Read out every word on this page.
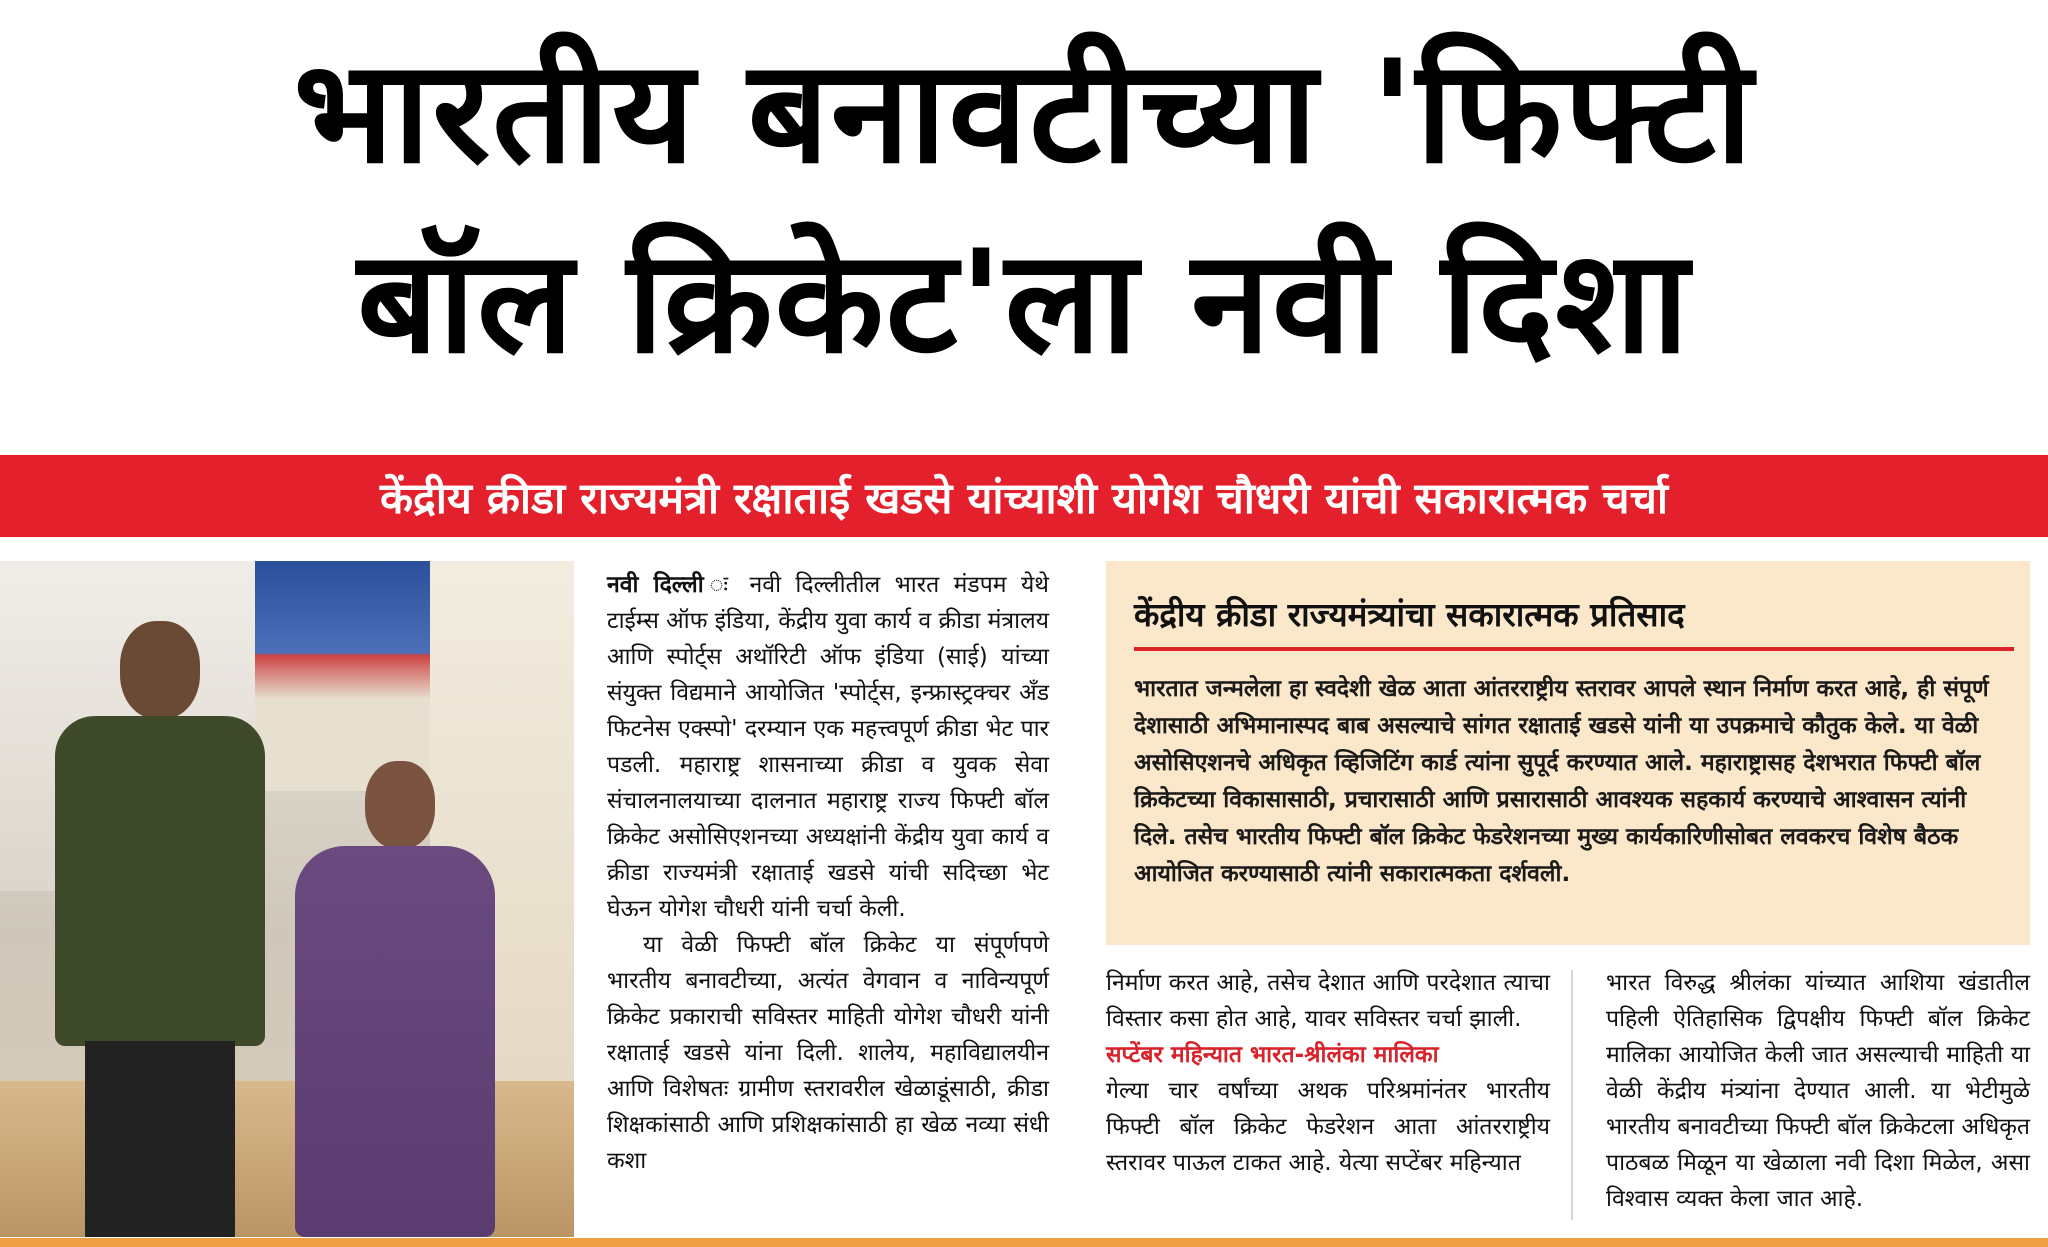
भारतीय बनावटीच्या 'फिफ्टी
बॉल क्रिकेट'ला नवी दिशा
केंद्रीय क्रीडा राज्यमंत्री रक्षाताई खडसे यांच्याशी योगेश चौधरी यांची सकारात्मक चर्चा

नवी दिल्ली ः नवी दिल्लीतील भारत मंडपम येथे टाईम्स ऑफ इंडिया, केंद्रीय युवा कार्य व क्रीडा मंत्रालय आणि स्पोर्ट्स अथॉरिटी ऑफ इंडिया (साई) यांच्या संयुक्त विद्यमाने आयोजित 'स्पोर्ट्स, इन्फ्रास्ट्रक्चर अँड फिटनेस एक्स्पो' दरम्यान एक महत्त्वपूर्ण क्रीडा भेट पार पडली. महाराष्ट्र शासनाच्या क्रीडा व युवक सेवा संचालनालयाच्या दालनात महाराष्ट्र राज्य फिफ्टी बॉल क्रिकेट असोसिएशनच्या अध्यक्षांनी केंद्रीय युवा कार्य व क्रीडा राज्यमंत्री रक्षाताई खडसे यांची सदिच्छा भेट घेऊन योगेश चौधरी यांनी चर्चा केली.

या वेळी फिफ्टी बॉल क्रिकेट या संपूर्णपणे भारतीय बनावटीच्या, अत्यंत वेगवान व नाविन्यपूर्ण क्रिकेट प्रकाराची सविस्तर माहिती योगेश चौधरी यांनी रक्षाताई खडसे यांना दिली. शालेय, महाविद्यालयीन आणि विशेषतः ग्रामीण स्तरावरील खेळाडूंसाठी, क्रीडा शिक्षकांसाठी आणि प्रशिक्षकांसाठी हा खेळ नव्या संधी कशा

केंद्रीय क्रीडा राज्यमंत्र्यांचा सकारात्मक प्रतिसाद
भारतात जन्मलेला हा स्वदेशी खेळ आता आंतरराष्ट्रीय स्तरावर आपले स्थान निर्माण करत आहे, ही संपूर्ण देशासाठी अभिमानास्पद बाब असल्याचे सांगत रक्षाताई खडसे यांनी या उपक्रमाचे कौतुक केले. या वेळी असोसिएशनचे अधिकृत व्हिजिटिंग कार्ड त्यांना सुपूर्द करण्यात आले. महाराष्ट्रासह देशभरात फिफ्टी बॉल क्रिकेटच्या विकासासाठी, प्रचारासाठी आणि प्रसारासाठी आवश्यक सहकार्य करण्याचे आश्वासन त्यांनी दिले. तसेच भारतीय फिफ्टी बॉल क्रिकेट फेडरेशनच्या मुख्य कार्यकारिणीसोबत लवकरच विशेष बैठक आयोजित करण्यासाठी त्यांनी सकारात्मकता दर्शवली.

निर्माण करत आहे, तसेच देशात आणि परदेशात त्याचा विस्तार कसा होत आहे, यावर सविस्तर चर्चा झाली.

सप्टेंबर महिन्यात भारत-श्रीलंका मालिका

गेल्या चार वर्षांच्या अथक परिश्रमांनंतर भारतीय फिफ्टी बॉल क्रिकेट फेडरेशन आता आंतरराष्ट्रीय स्तरावर पाऊल टाकत आहे. येत्या सप्टेंबर महिन्यात

भारत विरुद्ध श्रीलंका यांच्यात आशिया खंडातील पहिली ऐतिहासिक द्विपक्षीय फिफ्टी बॉल क्रिकेट मालिका आयोजित केली जात असल्याची माहिती या वेळी केंद्रीय मंत्र्यांना देण्यात आली. या भेटीमुळे भारतीय बनावटीच्या फिफ्टी बॉल क्रिकेटला अधिकृत पाठबळ मिळून या खेळाला नवी दिशा मिळेल, असा विश्वास व्यक्त केला जात आहे.
